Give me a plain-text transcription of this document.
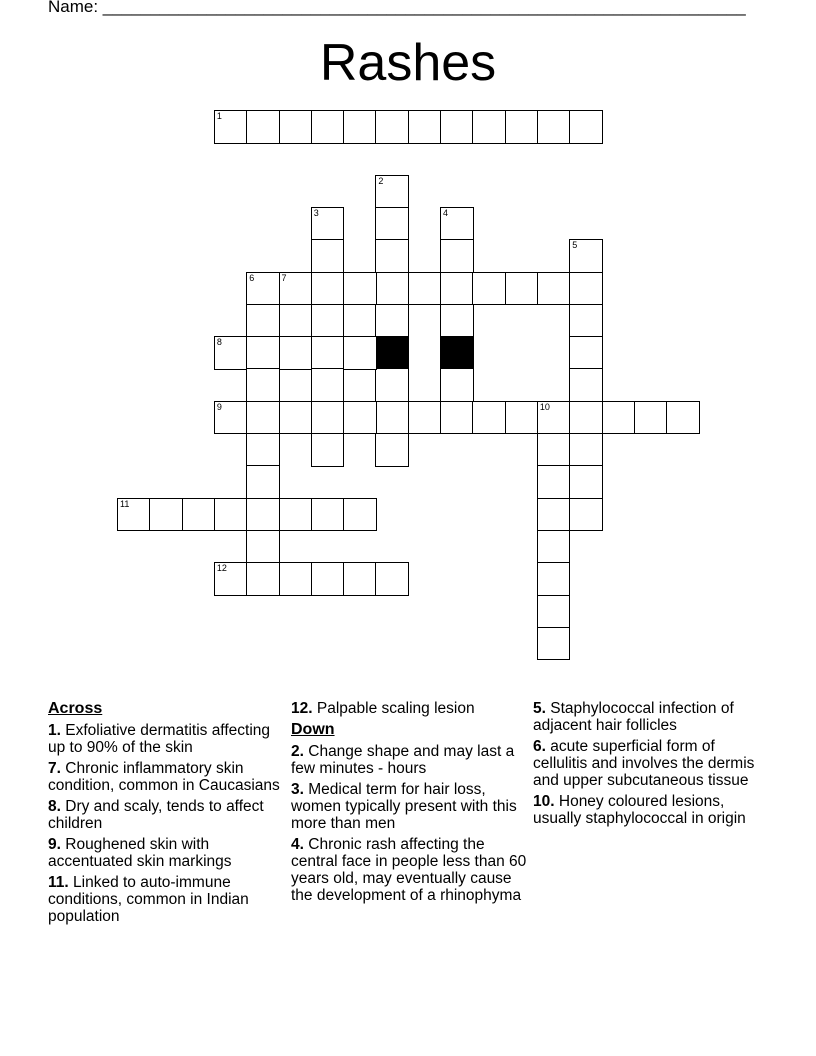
Name: ____________________________________________________________________
Rashes
1
2
3	4
5
6	7
8
9	10
11
12
Across
1. Exfoliative dermatitis affecting up to 90% of the skin
7. Chronic inflammatory skin condition, common in Caucasians
8. Dry and scaly, tends to affect children
9. Roughened skin with accentuated skin markings
11. Linked to auto-immune conditions, common in Indian population
12. Palpable scaling lesion
Down
2. Change shape and may last a few minutes - hours
3. Medical term for hair loss, women typically present with this more than men
4. Chronic rash affecting the central face in people less than 60 years old, may eventually cause the development of a rhinophyma
5. Staphylococcal infection of adjacent hair follicles
6. acute superficial form of cellulitis and involves the dermis and upper subcutaneous tissue
10. Honey coloured lesions, usually staphylococcal in origin
